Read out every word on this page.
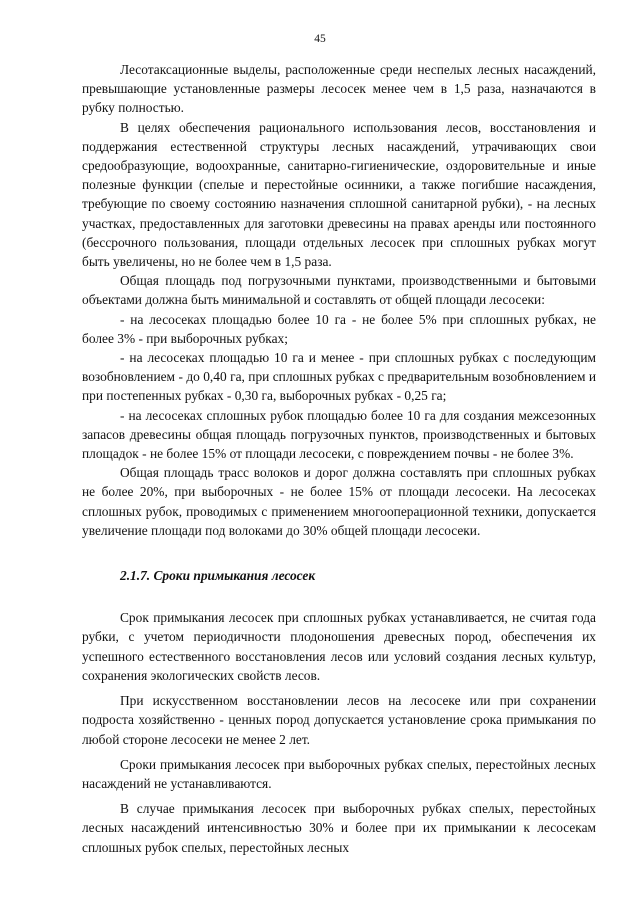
45

Лесотаксационные выделы, расположенные среди неспелых лесных насаждений, превышающие установленные размеры лесосек менее чем в 1,5 раза, назначаются в рубку полностью.

В целях обеспечения рационального использования лесов, восстановления и поддержания естественной структуры лесных насаждений, утрачивающих свои средообразующие, водоохранные, санитарно-гигиенические, оздоровительные и иные полезные функции (спелые и перестойные осинники, а также погибшие насаждения, требующие по своему состоянию назначения сплошной санитарной рубки), - на лесных участках, предоставленных для заготовки древесины на правах аренды или постоянного (бессрочного пользования, площади отдельных лесосек при сплошных рубках могут быть увеличены, но не более чем в 1,5 раза.

Общая площадь под погрузочными пунктами, производственными и бытовыми объектами должна быть минимальной и составлять от общей площади лесосеки:

- на лесосеках площадью более 10 га - не более 5% при сплошных рубках, не более 3% - при выборочных рубках;

- на лесосеках площадью 10 га и менее - при сплошных рубках с последующим возобновлением - до 0,40 га, при сплошных рубках с предварительным возобновлением и при постепенных рубках - 0,30 га, выборочных рубках - 0,25 га;

- на лесосеках сплошных рубок площадью более 10 га для создания межсезонных запасов древесины общая площадь погрузочных пунктов, производственных и бытовых площадок - не более 15% от площади лесосеки, с повреждением почвы - не более 3%.

Общая площадь трасс волоков и дорог должна составлять при сплошных рубках не более 20%, при выборочных - не более 15% от площади лесосеки. На лесосеках сплошных рубок, проводимых с применением многооперационной техники, допускается увеличение площади под волоками до 30% общей площади лесосеки.

2.1.7. Сроки примыкания лесосек

Срок примыкания лесосек при сплошных рубках устанавливается, не считая года рубки, с учетом периодичности плодоношения древесных пород, обеспечения их успешного естественного восстановления лесов или условий создания лесных культур, сохранения экологических свойств лесов.

При искусственном восстановлении лесов на лесосеке или при сохранении подроста хозяйственно - ценных пород допускается установление срока примыкания по любой стороне лесосеки не менее 2 лет.

Сроки примыкания лесосек при выборочных рубках спелых, перестойных лесных насаждений не устанавливаются.

В случае примыкания лесосек при выборочных рубках спелых, перестойных лесных насаждений интенсивностью 30% и более при их примыкании к лесосекам сплошных рубок спелых, перестойных лесных
